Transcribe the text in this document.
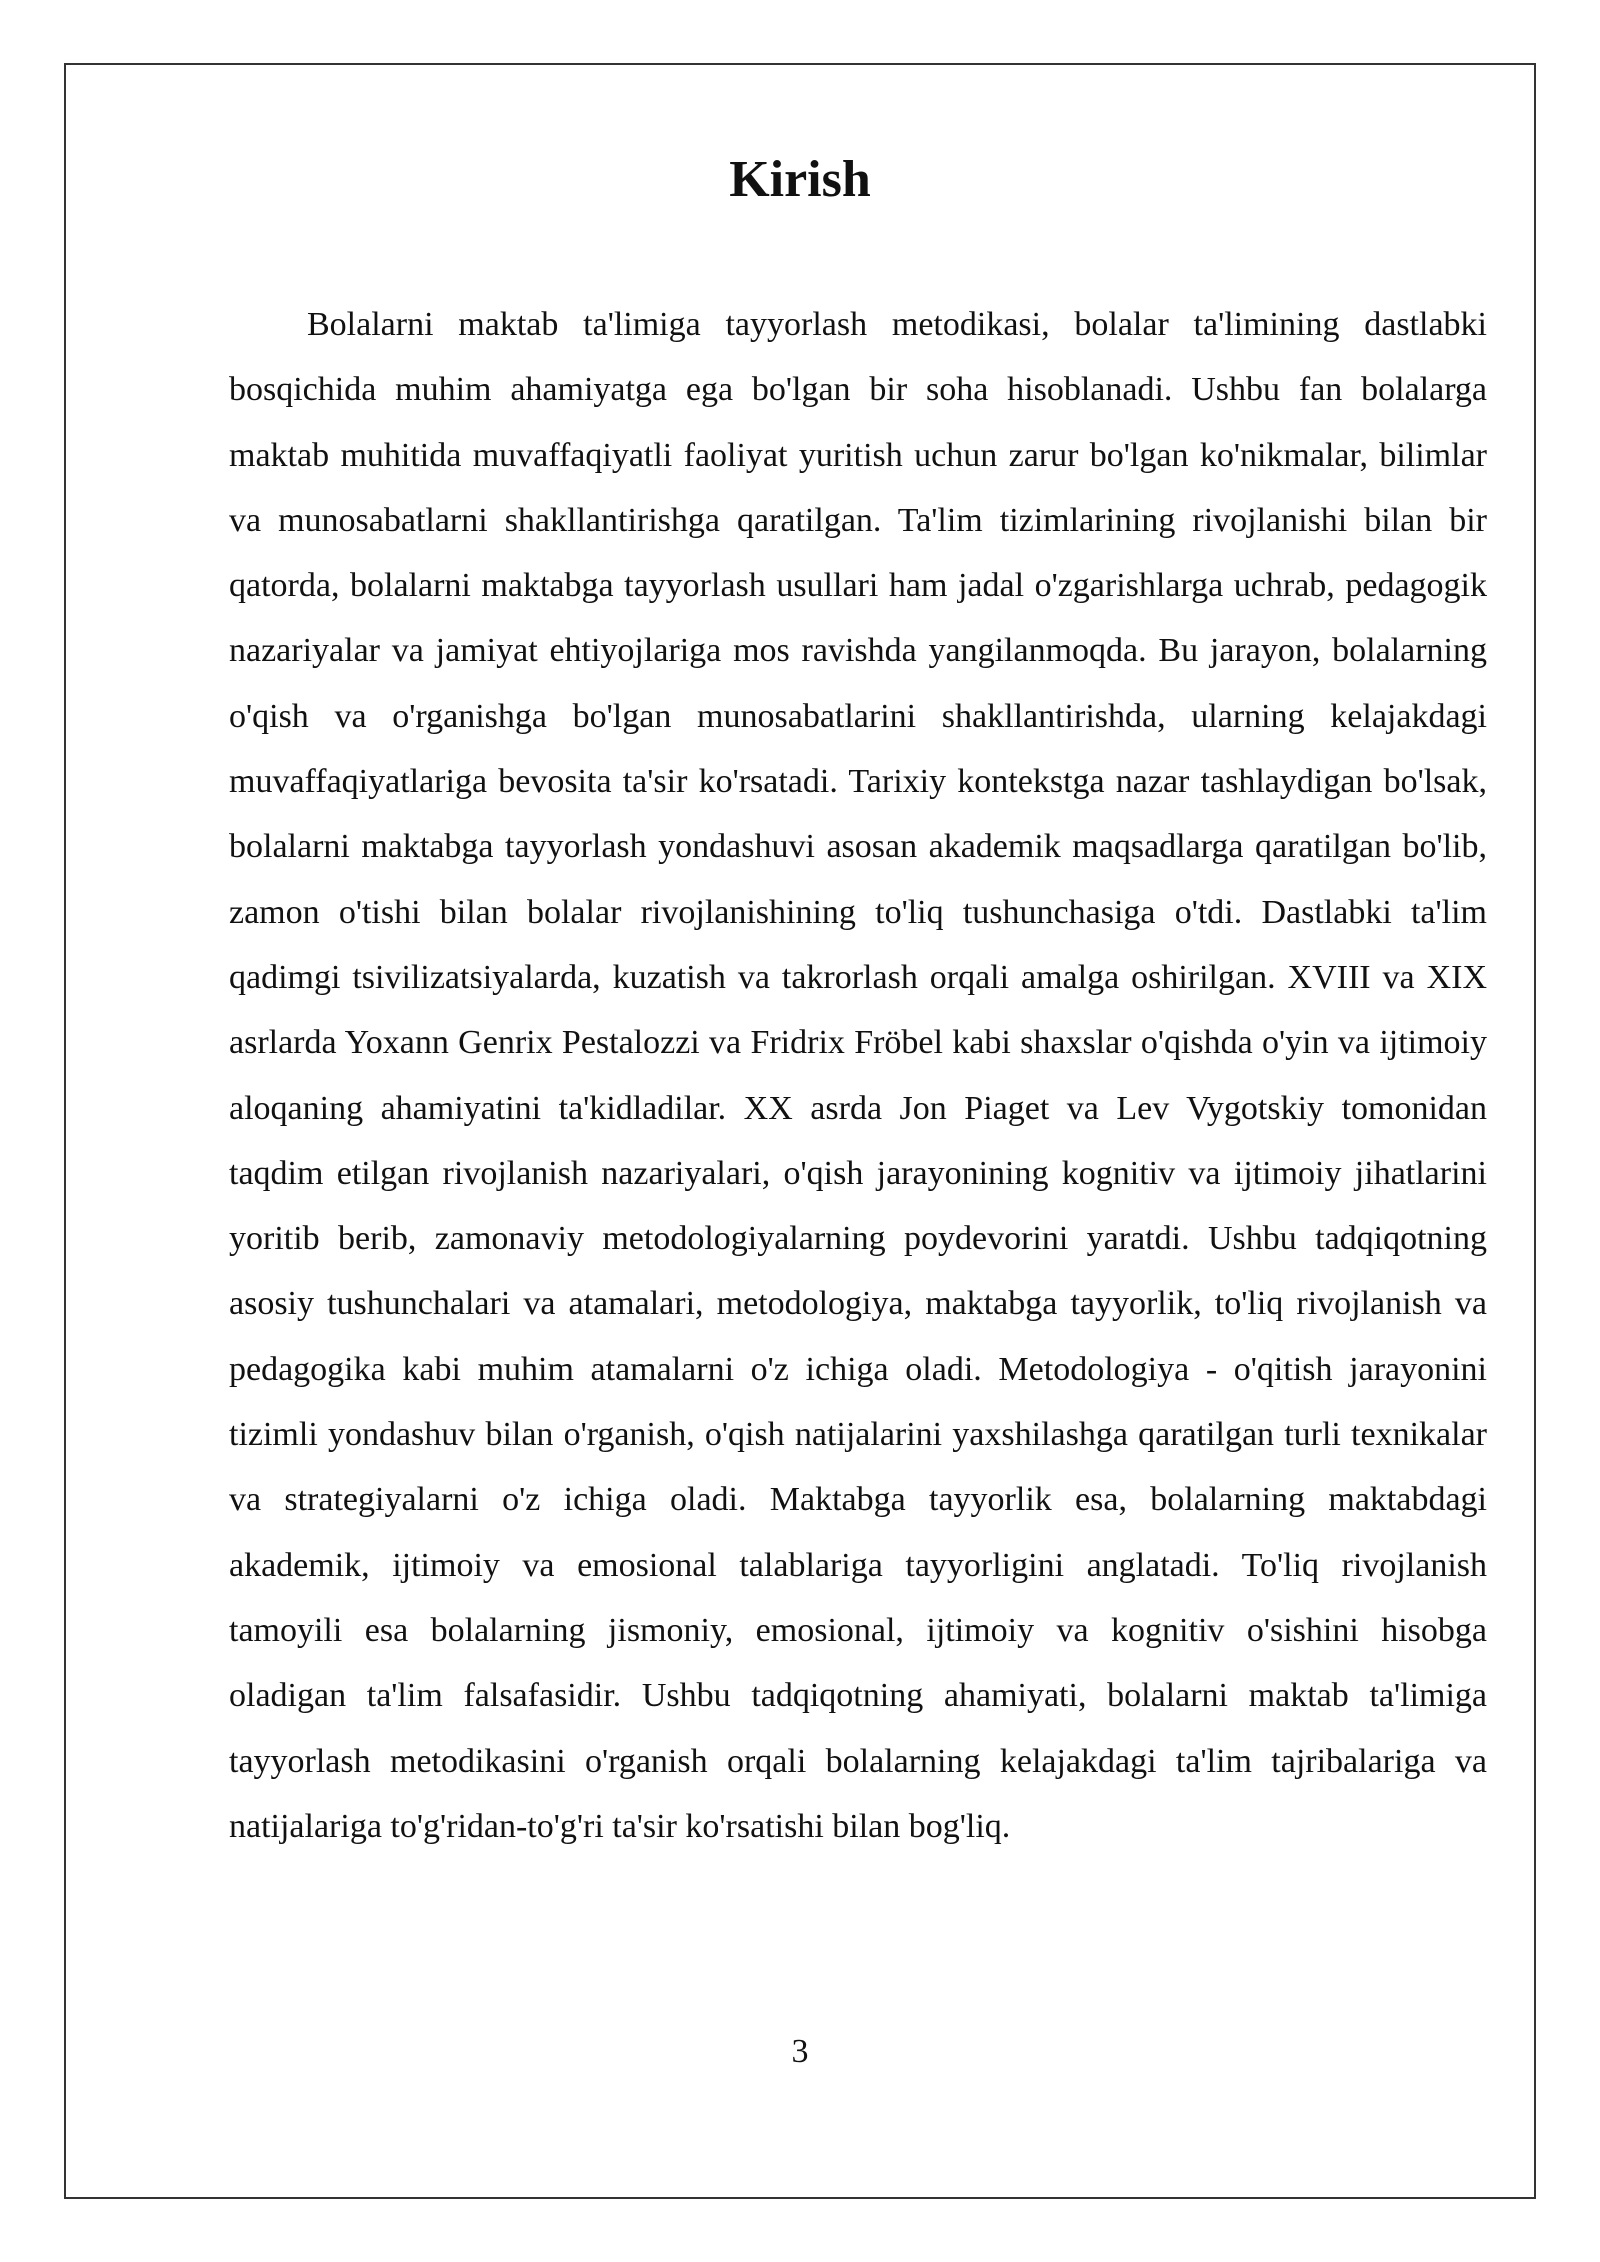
Kirish

Bolalarni maktab ta'limiga tayyorlash metodikasi, bolalar ta'limining dastlabki bosqichida muhim ahamiyatga ega bo'lgan bir soha hisoblanadi. Ushbu fan bolalarga maktab muhitida muvaffaqiyatli faoliyat yuritish uchun zarur bo'lgan ko'nikmalar, bilimlar va munosabatlarni shakllantirishga qaratilgan. Ta'lim tizimlarining rivojlanishi bilan bir qatorda, bolalarni maktabga tayyorlash usullari ham jadal o'zgarishlarga uchrab, pedagogik nazariyalar va jamiyat ehtiyojlariga mos ravishda yangilanmoqda. Bu jarayon, bolalarning o'qish va o'rganishga bo'lgan munosabatlarini shakllantirishda, ularning kelajakdagi muvaffaqiyatlariga bevosita ta'sir ko'rsatadi. Tarixiy kontekstga nazar tashlaydigan bo'lsak, bolalarni maktabga tayyorlash yondashuvi asosan akademik maqsadlarga qaratilgan bo'lib, zamon o'tishi bilan bolalar rivojlanishining to'liq tushunchasiga o'tdi. Dastlabki ta'lim qadimgi tsivilizatsiyalarda, kuzatish va takrorlash orqali amalga oshirilgan. XVIII va XIX asrlarda Yoxann Genrix Pestalozzi va Fridrix Fröbel kabi shaxslar o'qishda o'yin va ijtimoiy aloqaning ahamiyatini ta'kidladilar. XX asrda Jon Piaget va Lev Vygotskiy tomonidan taqdim etilgan rivojlanish nazariyalari, o'qish jarayonining kognitiv va ijtimoiy jihatlarini yoritib berib, zamonaviy metodologiyalarning poydevorini yaratdi. Ushbu tadqiqotning asosiy tushunchalari va atamalari, metodologiya, maktabga tayyorlik, to'liq rivojlanish va pedagogika kabi muhim atamalarni o'z ichiga oladi. Metodologiya - o'qitish jarayonini tizimli yondashuv bilan o'rganish, o'qish natijalarini yaxshilashga qaratilgan turli texnikalar va strategiyalarni o'z ichiga oladi. Maktabga tayyorlik esa, bolalarning maktabdagi akademik, ijtimoiy va emosional talablariga tayyorligini anglatadi. To'liq rivojlanish tamoyili esa bolalarning jismoniy, emosional, ijtimoiy va kognitiv o'sishini hisobga oladigan ta'lim falsafasidir. Ushbu tadqiqotning ahamiyati, bolalarni maktab ta'limiga tayyorlash metodikasini o'rganish orqali bolalarning kelajakdagi ta'lim tajribalariga va natijalariga to'g'ridan-to'g'ri ta'sir ko'rsatishi bilan bog'liq.

3
